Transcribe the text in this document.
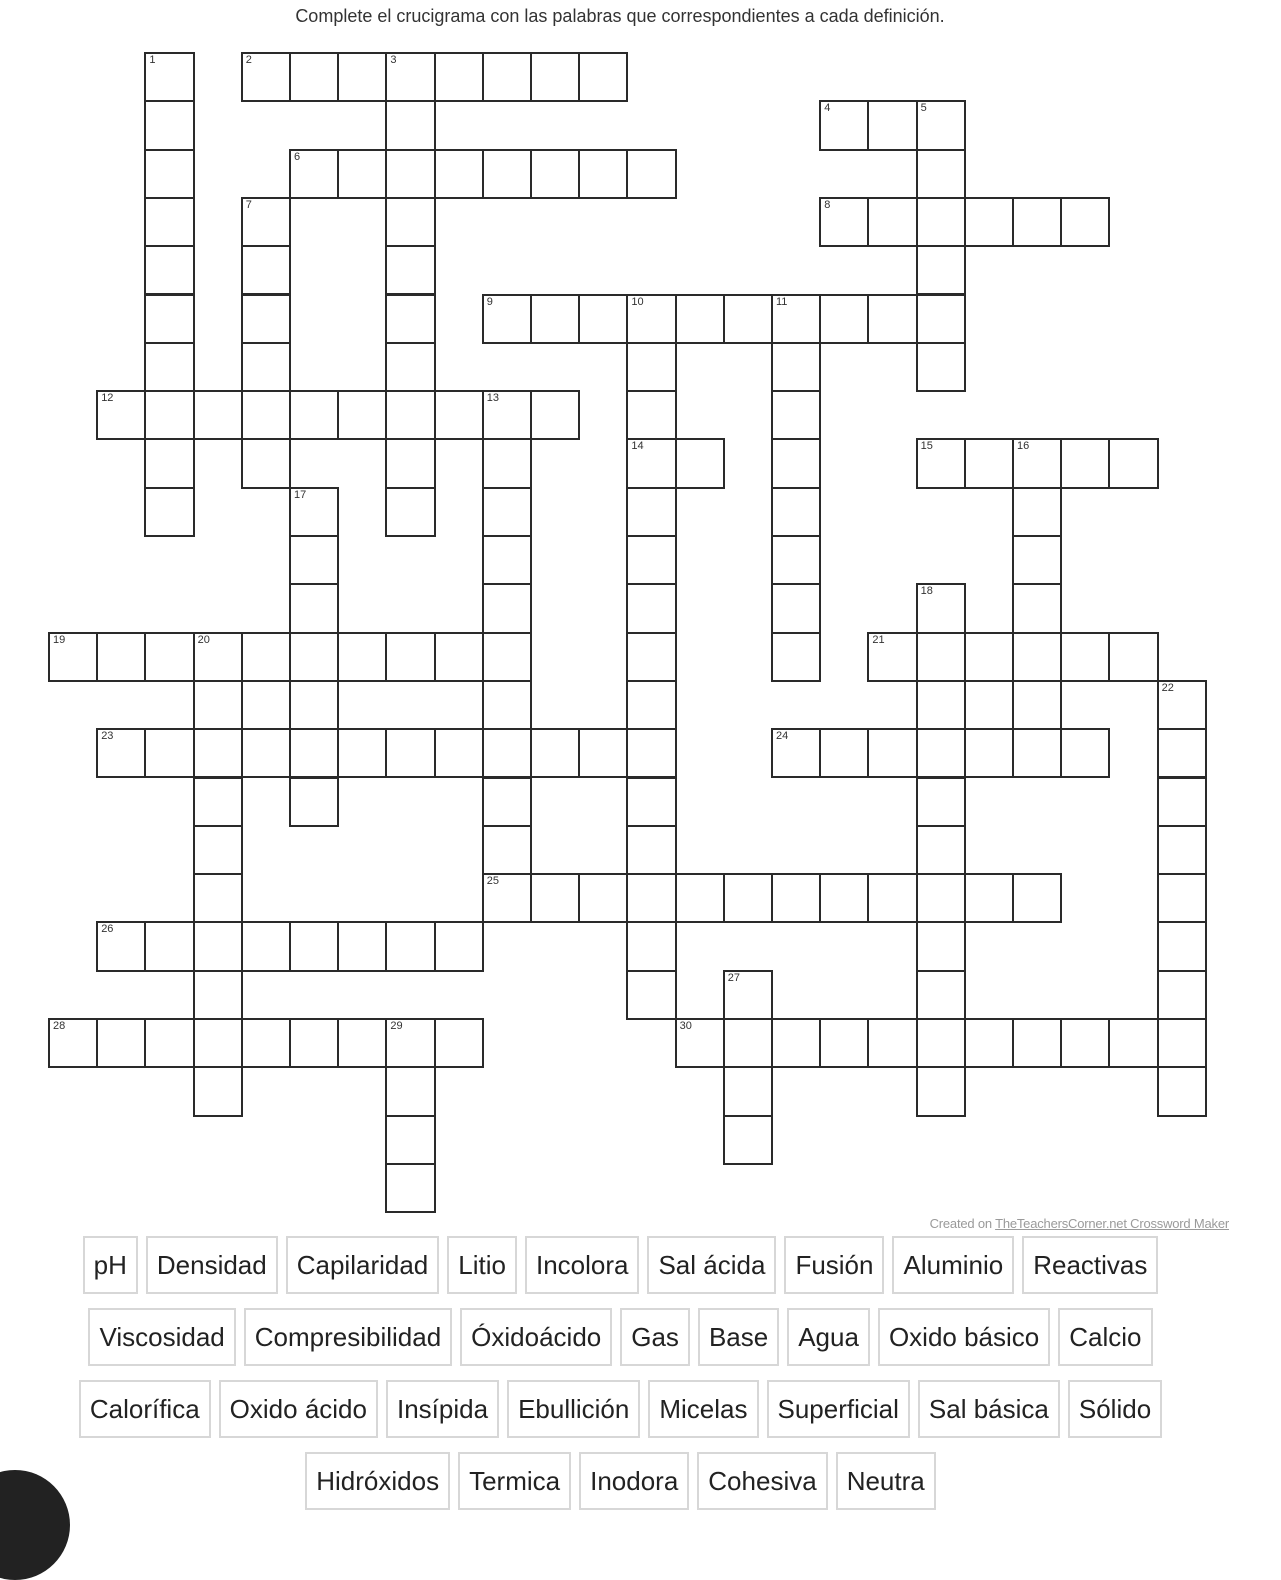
Complete el crucigrama con las palabras que correspondientes a cada definición.
1	2	3
4	5
6
7	8
9	10	11
14
12	13
15	16
17
18
19	20	21
22
23	24
25
26
27
28	29	30
Created on TheTeachersCorner.net Crossword Maker
pH	Densidad	Capilaridad	Litio	Incolora	Sal ácida	Fusión	Aluminio	Reactivas
Viscosidad	Compresibilidad	Óxidoácido	Gas	Base	Agua	Oxido básico	Calcio
Calorífica	Oxido ácido	Insípida	Ebullición	Micelas	Superficial	Sal básica	Sólido
Hidróxidos	Termica	Inodora	Cohesiva	Neutra
